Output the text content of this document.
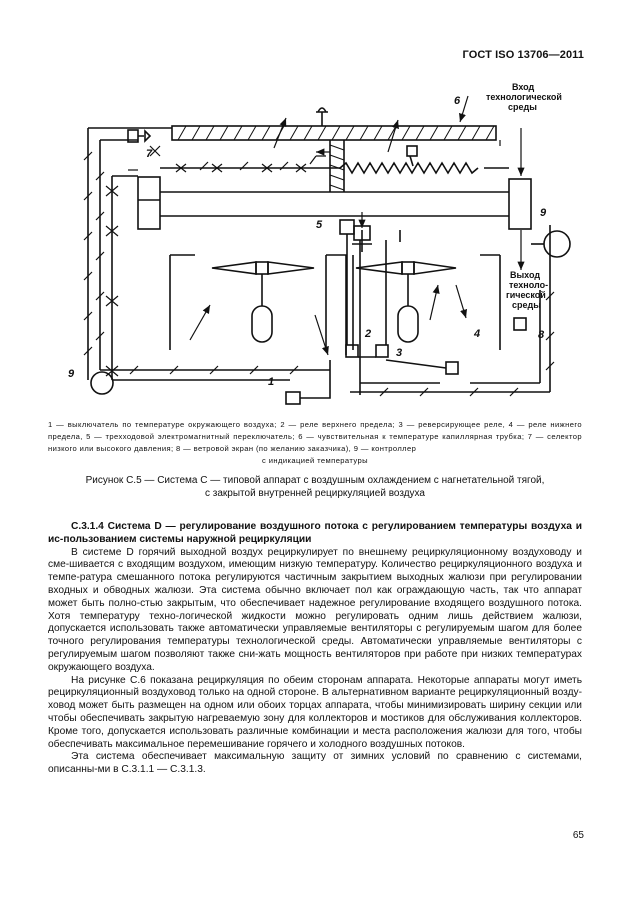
ГОСТ ISO 13706—2011
Вход
технологической
среды
Выход
техноло-
гической
среды
6
7
5
9
2
3
4	8
9
1
1 — выключатель по температуре окружающего воздуха; 2 — реле верхнего предела; 3 — реверсирующее реле, 4 — реле нижнего предела, 5 — трехходовой электромагнитный переключатель; 6 — чувствительная к температуре капиллярная трубка; 7 — селектор низкого или высокого давления; 8 — ветровой экран (по желанию заказчика), 9 — контроллер
с индикацией температуры
Рисунок С.5 — Система С — типовой аппарат с воздушным охлаждением с нагнетательной тягой,
с закрытой внутренней рециркуляцией воздуха
С.3.1.4 Система D — регулирование воздушного потока с регулированием температуры воздуха и ис-пользованием системы наружной рециркуляции

В системе D горячий выходной воздух рециркулирует по внешнему рециркуляционному воздуховоду и сме-шивается с входящим воздухом, имеющим низкую температуру. Количество рециркуляционного воздуха и темпе-ратура смешанного потока регулируются частичным закрытием выходных жалюзи при регулировании входных и обводных жалюзи. Эта система обычно включает пол как ограждающую часть, так что аппарат может быть полно-стью закрытым, что обеспечивает надежное регулирование входящего воздушного потока. Хотя температуру техно-логической жидкости можно регулировать одним лишь действием жалюзи, допускается использовать также автоматически управляемые вентиляторы с регулируемым шагом для более точного регулирования температуры технологической среды. Автоматически управляемые вентиляторы с регулируемым шагом позволяют также сни-жать мощность вентиляторов при работе при низких температурах окружающего воздуха.

На рисунке С.6 показана рециркуляция по обеим сторонам аппарата. Некоторые аппараты могут иметь рециркуляционный воздуховод только на одной стороне. В альтернативном варианте рециркуляционный возду-ховод может быть размещен на одном или обоих торцах аппарата, чтобы минимизировать ширину секции или чтобы обеспечивать закрытую нагреваемую зону для коллекторов и мостиков для обслуживания коллекторов. Кроме того, допускается использовать различные комбинации и места расположения жалюзи для того, чтобы обеспечивать максимальное перемешивание горячего и холодного воздушных потоков.

Эта система обеспечивает максимальную защиту от зимних условий по сравнению с системами, описанны-ми в С.3.1.1 — С.3.1.3.

65
